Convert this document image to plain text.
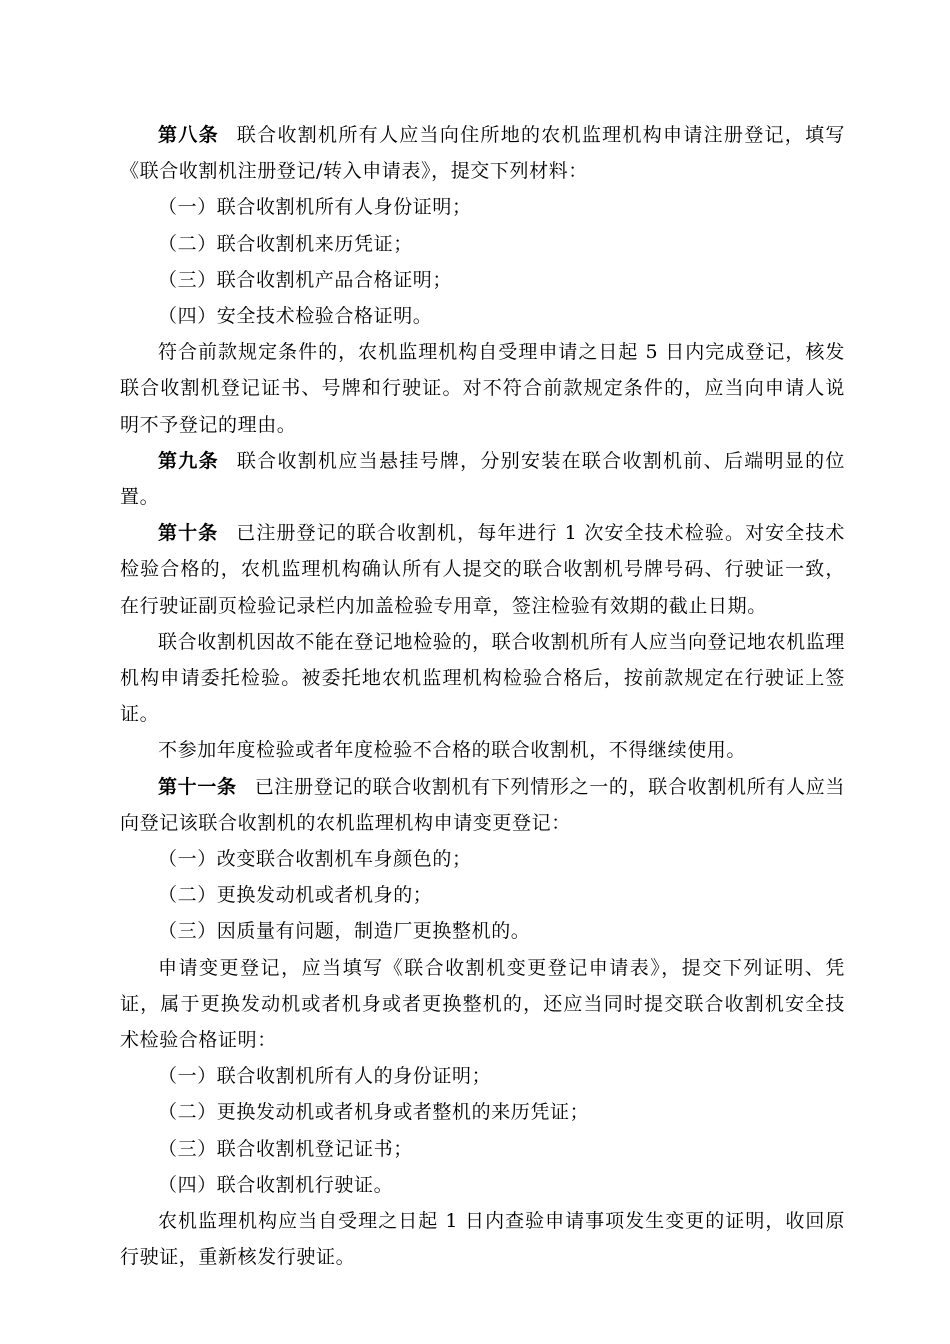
第八条 联合收割机所有人应当向住所地的农机监理机构申请注册登记，填写《联合收割机注册登记/转入申请表》，提交下列材料：

（一）联合收割机所有人身份证明；

（二）联合收割机来历凭证；

（三）联合收割机产品合格证明；

（四）安全技术检验合格证明。

符合前款规定条件的，农机监理机构自受理申请之日起 5 日内完成登记，核发联合收割机登记证书、号牌和行驶证。对不符合前款规定条件的，应当向申请人说明不予登记的理由。

第九条 联合收割机应当悬挂号牌，分别安装在联合收割机前、后端明显的位置。

第十条 已注册登记的联合收割机，每年进行 1 次安全技术检验。对安全技术检验合格的，农机监理机构确认所有人提交的联合收割机号牌号码、行驶证一致，在行驶证副页检验记录栏内加盖检验专用章，签注检验有效期的截止日期。

联合收割机因故不能在登记地检验的，联合收割机所有人应当向登记地农机监理机构申请委托检验。被委托地农机监理机构检验合格后，按前款规定在行驶证上签证。

不参加年度检验或者年度检验不合格的联合收割机，不得继续使用。

第十一条 已注册登记的联合收割机有下列情形之一的，联合收割机所有人应当向登记该联合收割机的农机监理机构申请变更登记：

（一）改变联合收割机车身颜色的；

（二）更换发动机或者机身的；

（三）因质量有问题，制造厂更换整机的。

申请变更登记，应当填写《联合收割机变更登记申请表》，提交下列证明、凭证，属于更换发动机或者机身或者更换整机的，还应当同时提交联合收割机安全技术检验合格证明：

（一）联合收割机所有人的身份证明；

（二）更换发动机或者机身或者整机的来历凭证；

（三）联合收割机登记证书；

（四）联合收割机行驶证。

农机监理机构应当自受理之日起 1 日内查验申请事项发生变更的证明，收回原行驶证，重新核发行驶证。
